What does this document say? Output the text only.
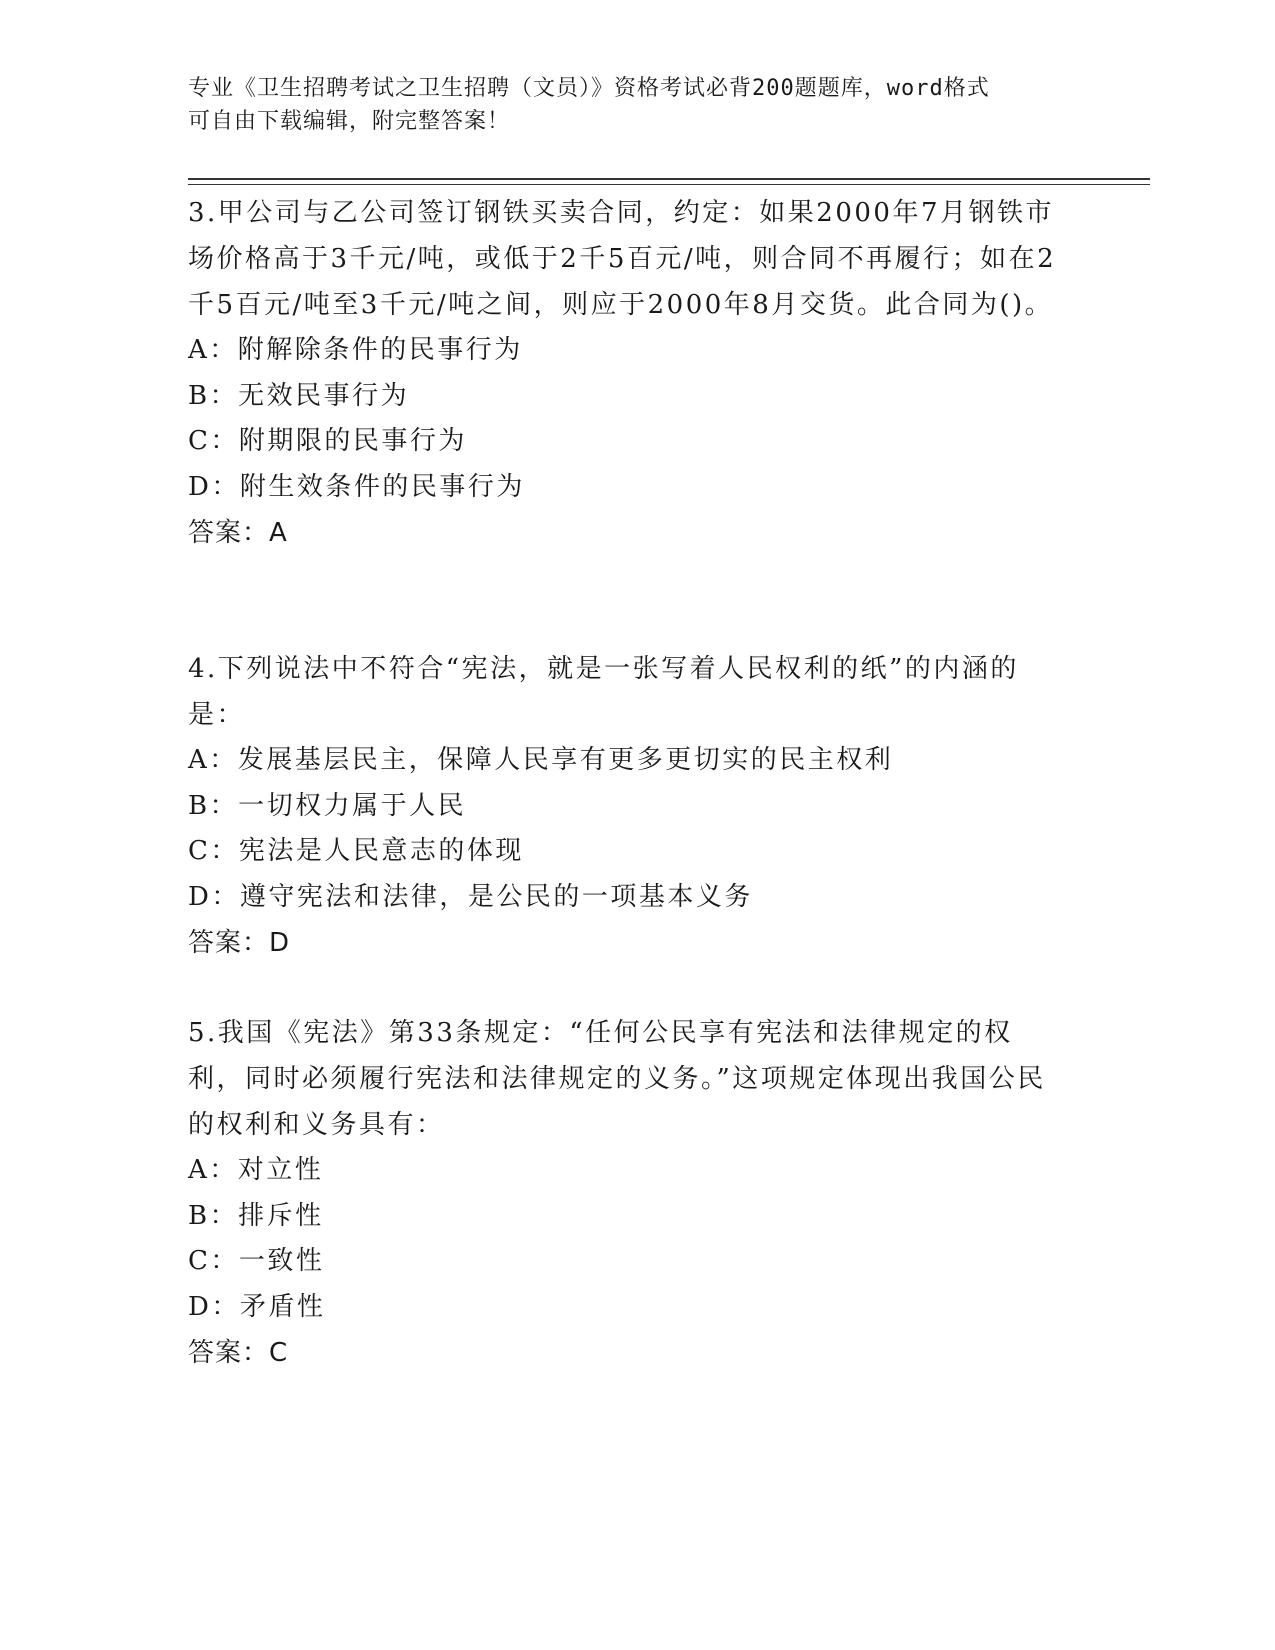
专业《卫生招聘考试之卫生招聘（文员）》资格考试必背200题题库，word格式
可自由下载编辑，附完整答案！

3.甲公司与乙公司签订钢铁买卖合同，约定：如果2000年7月钢铁市场价格高于3千元/吨，或低于2千5百元/吨，则合同不再履行；如在2千5百元/吨至3千元/吨之间，则应于2000年8月交货。此合同为()。

A：附解除条件的民事行为

B：无效民事行为

C：附期限的民事行为

D：附生效条件的民事行为

答案：A

4.下列说法中不符合“宪法，就是一张写着人民权利的纸”的内涵的是：

A：发展基层民主，保障人民享有更多更切实的民主权利

B：一切权力属于人民

C：宪法是人民意志的体现

D：遵守宪法和法律，是公民的一项基本义务

答案：D

5.我国《宪法》第33条规定：“任何公民享有宪法和法律规定的权利，同时必须履行宪法和法律规定的义务。”这项规定体现出我国公民的权利和义务具有：

A：对立性

B：排斥性

C：一致性

D：矛盾性

答案：C
